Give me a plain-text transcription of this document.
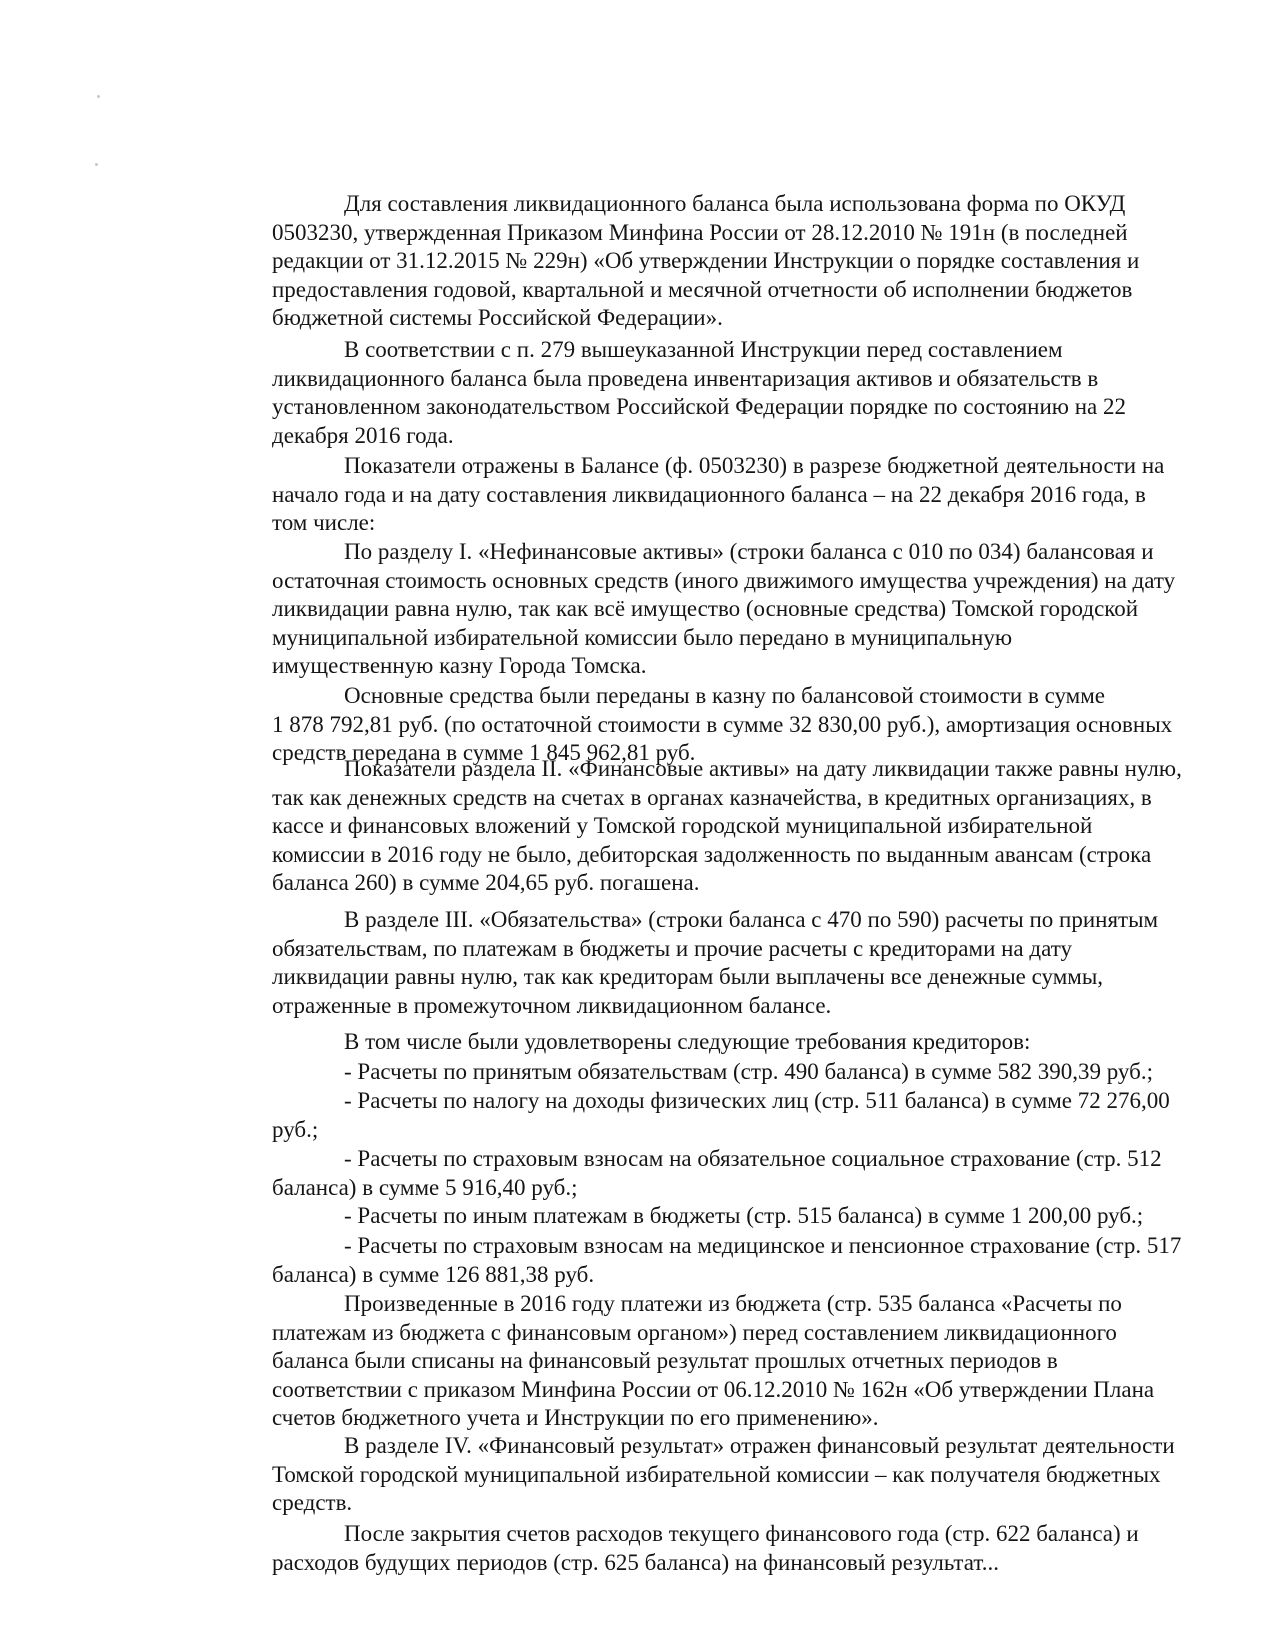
Для составления ликвидационного баланса была использована форма по ОКУД
0503230, утвержденная Приказом Минфина России от 28.12.2010 № 191н (в последней
редакции от 31.12.2015 № 229н) «Об утверждении Инструкции о порядке составления и
предоставления годовой, квартальной и месячной отчетности об исполнении бюджетов
бюджетной системы Российской Федерации».

В соответствии с п. 279 вышеуказанной Инструкции перед составлением
ликвидационного баланса была проведена инвентаризация активов и обязательств в
установленном законодательством Российской Федерации порядке по состоянию на 22
декабря 2016 года.

Показатели отражены в Балансе (ф. 0503230) в разрезе бюджетной деятельности на
начало года и на дату составления ликвидационного баланса – на 22 декабря 2016 года, в
том числе:

По разделу I. «Нефинансовые активы» (строки баланса с 010 по 034) балансовая и
остаточная стоимость основных средств (иного движимого имущества учреждения) на дату
ликвидации равна нулю, так как всё имущество (основные средства) Томской городской
муниципальной избирательной комиссии было передано в муниципальную
имущественную казну Города Томска.

Основные средства были переданы в казну по балансовой стоимости в сумме
1 878 792,81 руб. (по остаточной стоимости в сумме 32 830,00 руб.), амортизация основных
средств передана в сумме 1 845 962,81 руб.

Показатели раздела II. «Финансовые активы» на дату ликвидации также равны нулю,
так как денежных средств на счетах в органах казначейства, в кредитных организациях, в
кассе и финансовых вложений у Томской городской муниципальной избирательной
комиссии в 2016 году не было, дебиторская задолженность по выданным авансам (строка
баланса 260) в сумме 204,65 руб. погашена.

В разделе III. «Обязательства» (строки баланса с 470 по 590) расчеты по принятым
обязательствам, по платежам в бюджеты и прочие расчеты с кредиторами на дату
ликвидации равны нулю, так как кредиторам были выплачены все денежные суммы,
отраженные в промежуточном ликвидационном балансе.

В том числе были удовлетворены следующие требования кредиторов:

- Расчеты по принятым обязательствам (стр. 490 баланса) в сумме 582 390,39 руб.;

- Расчеты по налогу на доходы физических лиц (стр. 511 баланса) в сумме 72 276,00
руб.;

- Расчеты по страховым взносам на обязательное социальное страхование (стр. 512
баланса) в сумме 5 916,40 руб.;

- Расчеты по иным платежам в бюджеты (стр. 515 баланса) в сумме 1 200,00 руб.;

- Расчеты по страховым взносам на медицинское и пенсионное страхование (стр. 517
баланса) в сумме 126 881,38 руб.

Произведенные в 2016 году платежи из бюджета (стр. 535 баланса «Расчеты по
платежам из бюджета с финансовым органом») перед составлением ликвидационного
баланса были списаны на финансовый результат прошлых отчетных периодов в
соответствии с приказом Минфина России от 06.12.2010 № 162н «Об утверждении Плана
счетов бюджетного учета и Инструкции по его применению».

В разделе IV. «Финансовый результат» отражен финансовый результат деятельности
Томской городской муниципальной избирательной комиссии – как получателя бюджетных
средств.

После закрытия счетов расходов текущего финансового года (стр. 622 баланса) и
расходов будущих периодов (стр. 625 баланса) на финансовый результат...
